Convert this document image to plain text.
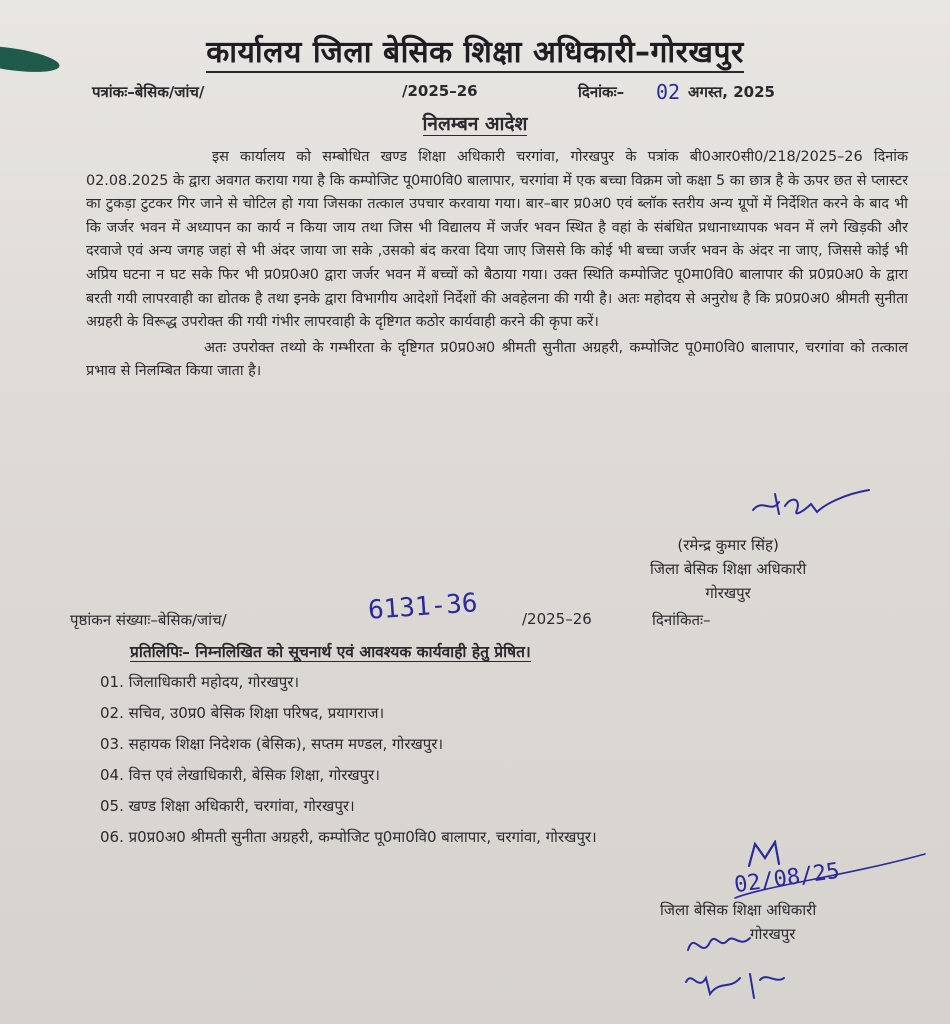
कार्यालय जिला बेसिक शिक्षा अधिकारी–गोरखपुर
पत्रांकः–बेसिक/जांच/	/2025–26	दिनांकः– 02 अगस्त, 2025
निलम्बन आदेश

इस कार्यालय को सम्बोधित खण्ड शिक्षा अधिकारी चरगांवा, गोरखपुर के पत्रांक बी0आर0सी0/218/2025–26 दिनांक 02.08.2025 के द्वारा अवगत कराया गया है कि कम्पोजिट पू0मा0वि0 बालापार, चरगांवा में एक बच्चा विक्रम जो कक्षा 5 का छात्र है के ऊपर छत से प्लास्टर का टुकड़ा टुटकर गिर जाने से चोटिल हो गया जिसका तत्काल उपचार करवाया गया। बार–बार प्र0अ0 एवं ब्लॉक स्तरीय अन्य ग्रूपों में निर्देशित करने के बाद भी कि जर्जर भवन में अध्यापन का कार्य न किया जाय तथा जिस भी विद्यालय में जर्जर भवन स्थित है वहां के संबंधित प्रधानाध्यापक भवन में लगे खिड़की और दरवाजे एवं अन्य जगह जहां से भी अंदर जाया जा सके ,उसको बंद करवा दिया जाए जिससे कि कोई भी बच्चा जर्जर भवन के अंदर ना जाए, जिससे कोई भी अप्रिय घटना न घट सके फिर भी प्र0प्र0अ0 द्वारा जर्जर भवन में बच्चों को बैठाया गया। उक्त स्थिति कम्पोजिट पू0मा0वि0 बालापार की प्र0प्र0अ0 के द्वारा बरती गयी लापरवाही का द्योतक है तथा इनके द्वारा विभागीय आदेशों निर्देशों की अवहेलना की गयी है। अतः महोदय से अनुरोध है कि प्र0प्र0अ0 श्रीमती सुनीता अग्रहरी के विरूद्ध उपरोक्त की गयी गंभीर लापरवाही के दृष्टिगत कठोर कार्यवाही करने की कृपा करें।

अतः उपरोक्त तथ्यो के गम्भीरता के दृष्टिगत प्र0प्र0अ0 श्रीमती सुनीता अग्रहरी, कम्पोजिट पू0मा0वि0 बालापार, चरगांवा को तत्काल प्रभाव से निलम्बित किया जाता है।

(रमेन्द्र कुमार सिंह)
जिला बेसिक शिक्षा अधिकारी
गोरखपुर
पृष्ठांकन संख्याः–बेसिक/जांच/	6131-36	/2025–26	दिनांकितः–
प्रतिलिपिः– निम्नलिखित को सूचनार्थ एवं आवश्यक कार्यवाही हेतु प्रेषित।
01. जिलाधिकारी महोदय, गोरखपुर।
02. सचिव, उ0प्र0 बेसिक शिक्षा परिषद, प्रयागराज।
03. सहायक शिक्षा निदेशक (बेसिक), सप्तम मण्डल, गोरखपुर।
04. वित्त एवं लेखाधिकारी, बेसिक शिक्षा, गोरखपुर।
05. खण्ड शिक्षा अधिकारी, चरगांवा, गोरखपुर।
06. प्र0प्र0अ0 श्रीमती सुनीता अग्रहरी, कम्पोजिट पू0मा0वि0 बालापार, चरगांवा, गोरखपुर।
02/08/25
जिला बेसिक शिक्षा अधिकारी
गोरखपुर
